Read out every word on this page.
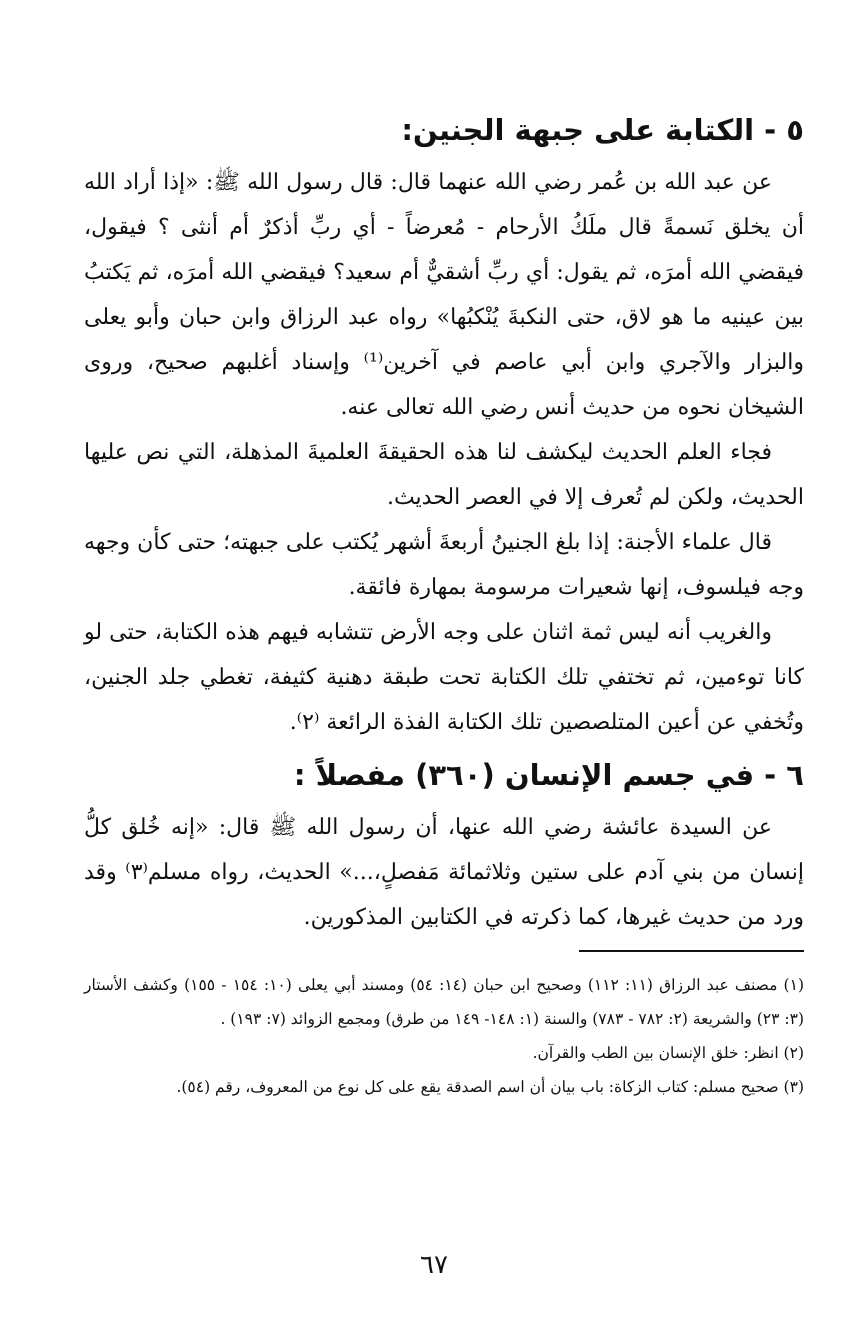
٥ - الكتابة على جبهة الجنين:

عن عبد الله بن عُمر رضي الله عنهما قال: قال رسول الله ﷺ: «إذا أراد الله أن يخلق نَسمةً قال ملَكُ الأرحام - مُعرضاً - أي ربِّ أذكرٌ أم أنثى ؟ فيقول، فيقضي الله أمرَه، ثم يقول: أي ربِّ أشقيٌّ أم سعيد؟ فيقضي الله أمرَه، ثم يَكتبُ بين عينيه ما هو لاق، حتى النكبةَ يُنْكبُها» رواه عبد الرزاق وابن حبان وأبو يعلى والبزار والآجري وابن أبي عاصم في آخرين⁽¹⁾ وإسناد أغلبهم صحيح، وروى الشيخان نحوه من حديث أنس رضي الله تعالى عنه.

فجاء العلم الحديث ليكشف لنا هذه الحقيقةَ العلميةَ المذهلة، التي نص عليها الحديث، ولكن لم تُعرف إلا في العصر الحديث.

قال علماء الأجنة: إذا بلغ الجنينُ أربعةَ أشهر يُكتب على جبهته؛ حتى كأن وجهه وجه فيلسوف، إنها شعيرات مرسومة بمهارة فائقة.

والغريب أنه ليس ثمة اثنان على وجه الأرض تتشابه فيهم هذه الكتابة، حتى لو كانا توءمين، ثم تختفي تلك الكتابة تحت طبقة دهنية كثيفة، تغطي جلد الجنين، وتُخفي عن أعين المتلصصين تلك الكتابة الفذة الرائعة ⁽٢⁾.

٦ - في جسم الإنسان (٣٦٠) مفصلاً :

عن السيدة عائشة رضي الله عنها، أن رسول الله ﷺ قال: «إنه خُلق كلُّ إنسان من بني آدم على ستين وثلاثمائة مَفصلٍ،...» الحديث، رواه مسلم⁽٣⁾ وقد ورد من حديث غيرها، كما ذكرته في الكتابين المذكورين.

(١) مصنف عبد الرزاق (١١: ١١٢) وصحيح ابن حبان (١٤: ٥٤) ومسند أبي يعلى (١٠: ١٥٤ - ١٥٥) وكشف الأستار (٣: ٢٣) والشريعة (٢: ٧٨٢ - ٧٨٣) والسنة (١: ١٤٨- ١٤٩ من طرق) ومجمع الزوائد (٧: ١٩٣) .

(٢) انظر: خلق الإنسان بين الطب والقرآن.

(٣) صحيح مسلم: كتاب الزكاة: باب بيان أن اسم الصدقة يقع على كل نوع من المعروف، رقم (٥٤).

٦٧
